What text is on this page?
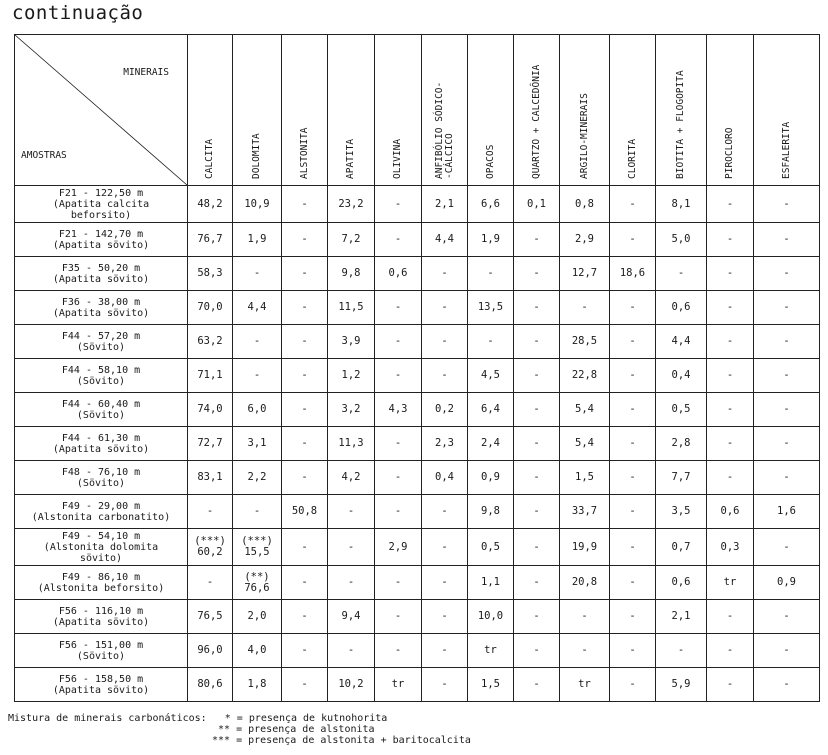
continuação
MINERAIS
AMOSTRAS	CALCITA	DOLOMITA	ALSTONITA	APATITA	OLIVINA	ANFIBÓLIO SÓDICO-
-CÁLCICO	OPACOS	QUARTZO + CALCEDÔNIA	ARGILO-MINERAIS	CLORITA	BIOTITA + FLOGOPITA	PIROCLORO	ESFALERITA

F21 - 122,50 m
(Apatita calcita
beforsito)	48,2	10,9	-	23,2	-	2,1	6,6	0,1	0,8	-	8,1	-	-
F21 - 142,70 m
(Apatita sövito)	76,7	1,9	-	7,2	-	4,4	1,9	-	2,9	-	5,0	-	-
F35 - 50,20 m
(Apatita sövito)	58,3	-	-	9,8	0,6	-	-	-	12,7	18,6	-	-	-
F36 - 38,00 m
(Apatita sövito)	70,0	4,4	-	11,5	-	-	13,5	-	-	-	0,6	-	-
F44 - 57,20 m
(Sövito)	63,2	-	-	3,9	-	-	-	-	28,5	-	4,4	-	-
F44 - 58,10 m
(Sövito)	71,1	-	-	1,2	-	-	4,5	-	22,8	-	0,4	-	-
F44 - 60,40 m
(Sövito)	74,0	6,0	-	3,2	4,3	0,2	6,4	-	5,4	-	0,5	-	-
F44 - 61,30 m
(Apatita sövito)	72,7	3,1	-	11,3	-	2,3	2,4	-	5,4	-	2,8	-	-
F48 - 76,10 m
(Sövito)	83,1	2,2	-	4,2	-	0,4	0,9	-	1,5	-	7,7	-	-
F49 - 29,00 m
(Alstonita carbonatito)	-	-	50,8	-	-	-	9,8	-	33,7	-	3,5	0,6	1,6
F49 - 54,10 m
(Alstonita dolomita
sövito)	(***)
60,2	(***)
15,5	-	-	2,9	-	0,5	-	19,9	-	0,7	0,3	-
F49 - 86,10 m
(Alstonita beforsito)	-	(**)
76,6	-	-	-	-	1,1	-	20,8	-	0,6	tr	0,9
F56 - 116,10 m
(Apatita sövito)	76,5	2,0	-	9,4	-	-	10,0	-	-	-	2,1	-	-
F56 - 151,00 m
(Sövito)	96,0	4,0	-	-	-	-	tr	-	-	-	-	-	-
F56 - 158,50 m
(Apatita sövito)	80,6	1,8	-	10,2	tr	-	1,5	-	tr	-	5,9	-	-
Mistura de minerais carbonáticos:   * = presença de kutnohorita
** = presença de alstonita
*** = presença de alstonita + baritocalcita
